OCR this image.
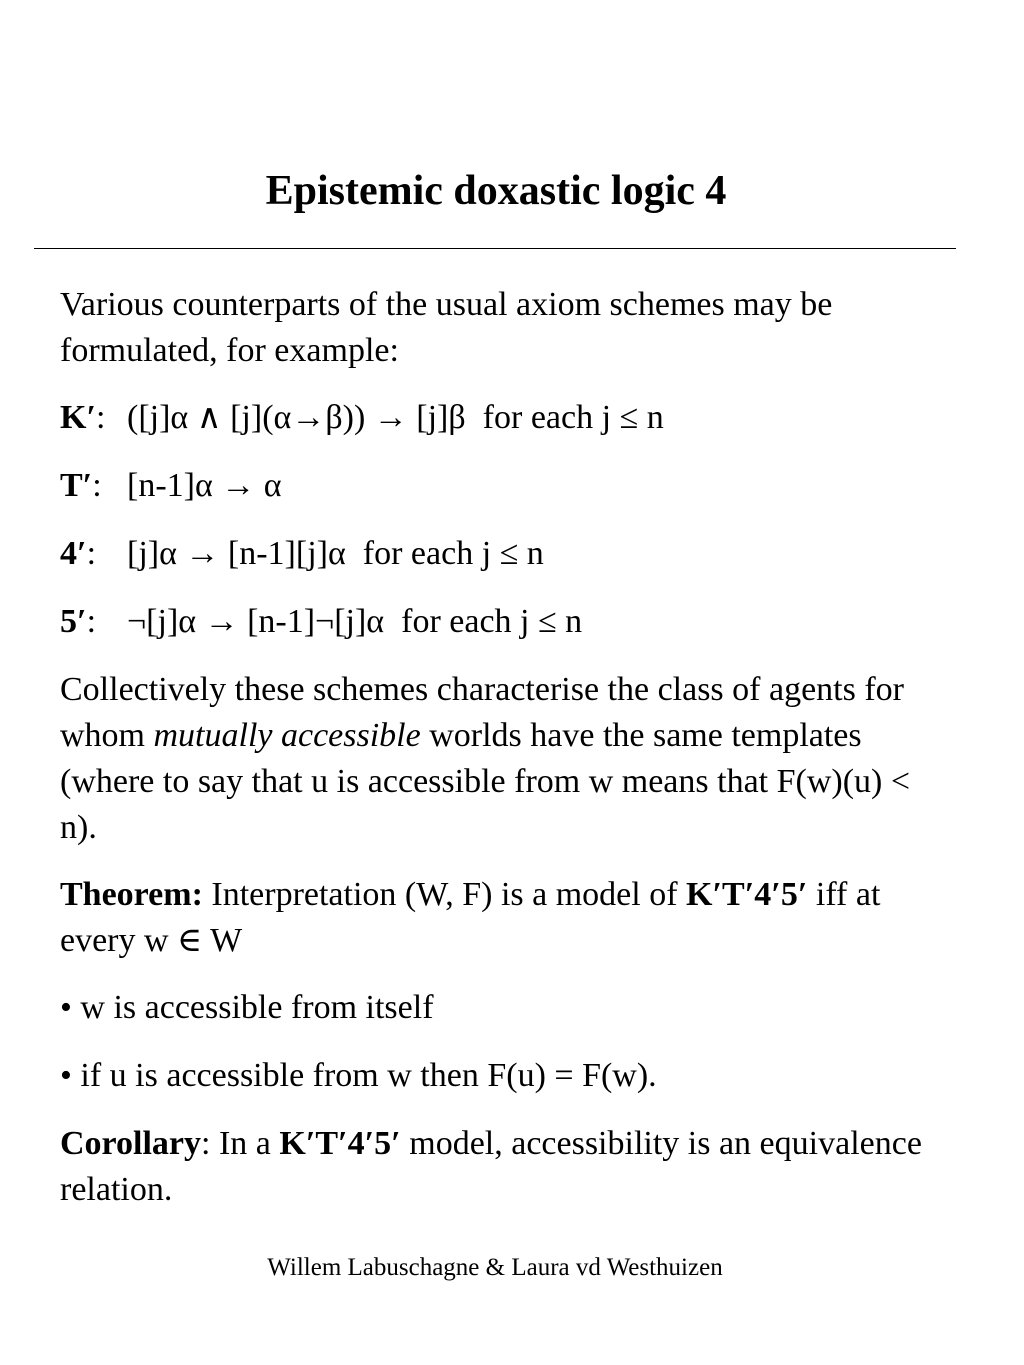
Epistemic doxastic logic 4

Various counterparts of the usual axiom schemes may be formulated, for example:

K′: ([j]α ∧ [j](α→β)) → [j]β  for each j ≤ n
T′: [n-1]α → α
4′: [j]α → [n-1][j]α  for each j ≤ n
5′: ¬[j]α → [n-1]¬[j]α  for each j ≤ n

Collectively these schemes characterise the class of agents for whom mutually accessible worlds have the same templates (where to say that u is accessible from w means that F(w)(u) < n).

Theorem: Interpretation (W, F) is a model of K′T′4′5′ iff at every w ∈ W

• w is accessible from itself

• if u is accessible from w then F(u) = F(w).

Corollary: In a K′T′4′5′ model, accessibility is an equivalence relation.

Willem Labuschagne & Laura vd Westhuizen
